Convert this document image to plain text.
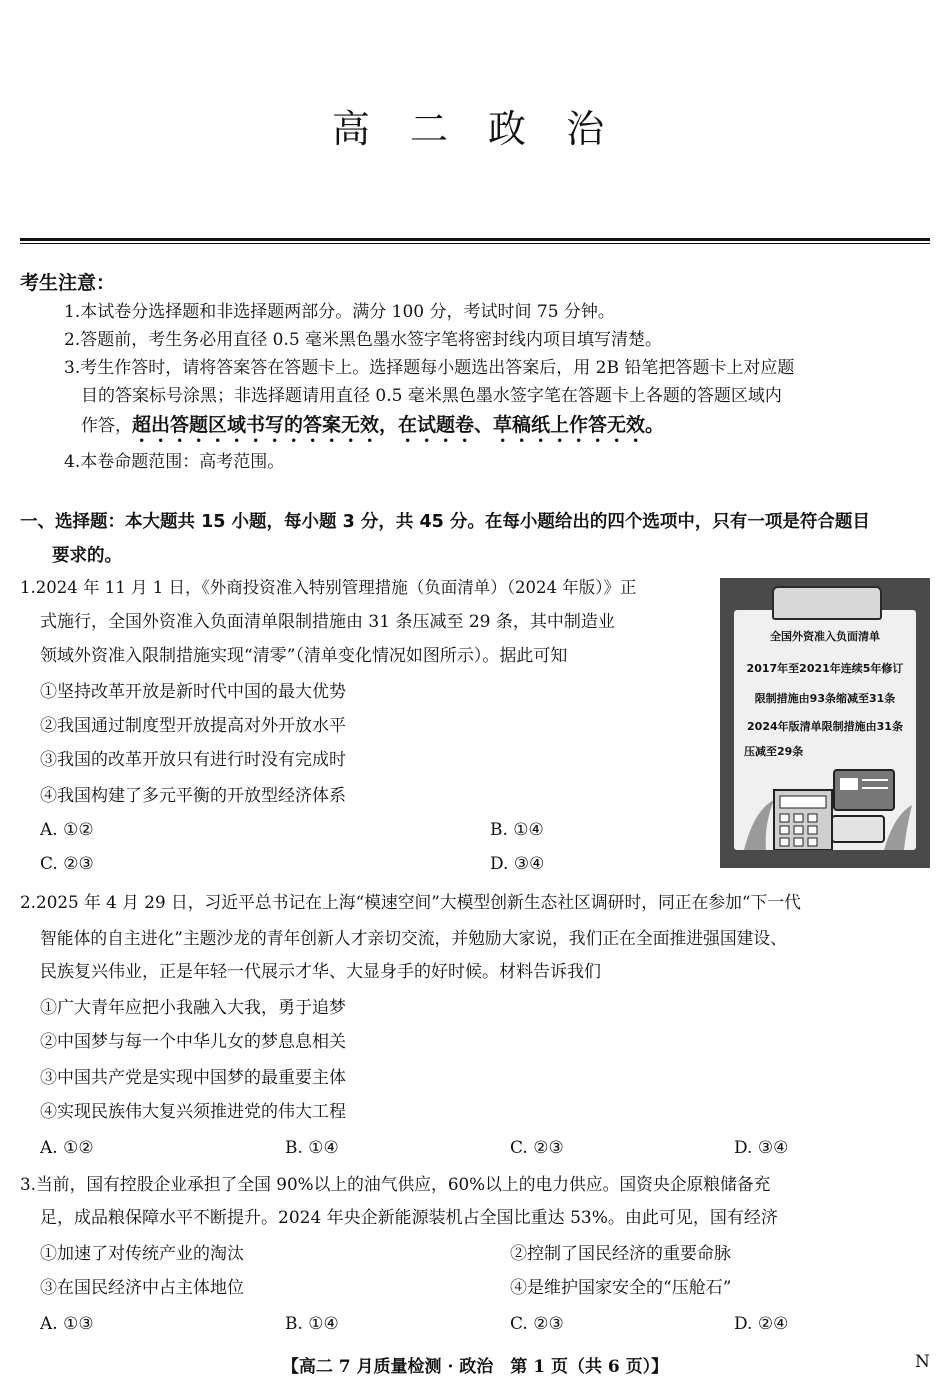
高 二 政 治
考生注意：
1.本试卷分选择题和非选择题两部分。满分 100 分，考试时间 75 分钟。
2.答题前，考生务必用直径 0.5 毫米黑色墨水签字笔将密封线内项目填写清楚。
3.考生作答时，请将答案答在答题卡上。选择题每小题选出答案后，用 2B 铅笔把答题卡上对应题
目的答案标号涂黑；非选择题请用直径 0.5 毫米黑色墨水签字笔在答题卡上各题的答题区域内
作答，超出答题区域书写的答案无效，在试题卷、草稿纸上作答无效。
4.本卷命题范围：高考范围。
一、选择题：本大题共 15 小题，每小题 3 分，共 45 分。在每小题给出的四个选项中，只有一项是符合题目
要求的。
1.2024 年 11 月 1 日，《外商投资准入特别管理措施（负面清单）（2024 年版）》正
式施行，全国外资准入负面清单限制措施由 31 条压减至 29 条，其中制造业
领域外资准入限制措施实现“清零”（清单变化情况如图所示）。据此可知
①坚持改革开放是新时代中国的最大优势
②我国通过制度型开放提高对外开放水平
③我国的改革开放只有进行时没有完成时
④我国构建了多元平衡的开放型经济体系
A. ①②	B. ①④
C. ②③	D. ③④
全国外资准入负面清单
2017年至2021年连续5年修订
限制措施由93条缩减至31条
2024年版清单限制措施由31条
压减至29条
2.2025 年 4 月 29 日，习近平总书记在上海“模速空间”大模型创新生态社区调研时，同正在参加“下一代
智能体的自主进化”主题沙龙的青年创新人才亲切交流，并勉励大家说，我们正在全面推进强国建设、
民族复兴伟业，正是年轻一代展示才华、大显身手的好时候。材料告诉我们
①广大青年应把小我融入大我，勇于追梦
②中国梦与每一个中华儿女的梦息息相关
③中国共产党是实现中国梦的最重要主体
④实现民族伟大复兴须推进党的伟大工程
A. ①②	B. ①④	C. ②③	D. ③④
3.当前，国有控股企业承担了全国 90%以上的油气供应，60%以上的电力供应。国资央企原粮储备充
足，成品粮保障水平不断提升。2024 年央企新能源装机占全国比重达 53%。由此可见，国有经济
①加速了对传统产业的淘汰	②控制了国民经济的重要命脉
③在国民经济中占主体地位	④是维护国家安全的“压舱石”
A. ①③	B. ①④	C. ②③	D. ②④
【高二 7 月质量检测 · 政治　第 1 页（共 6 页）】	N
